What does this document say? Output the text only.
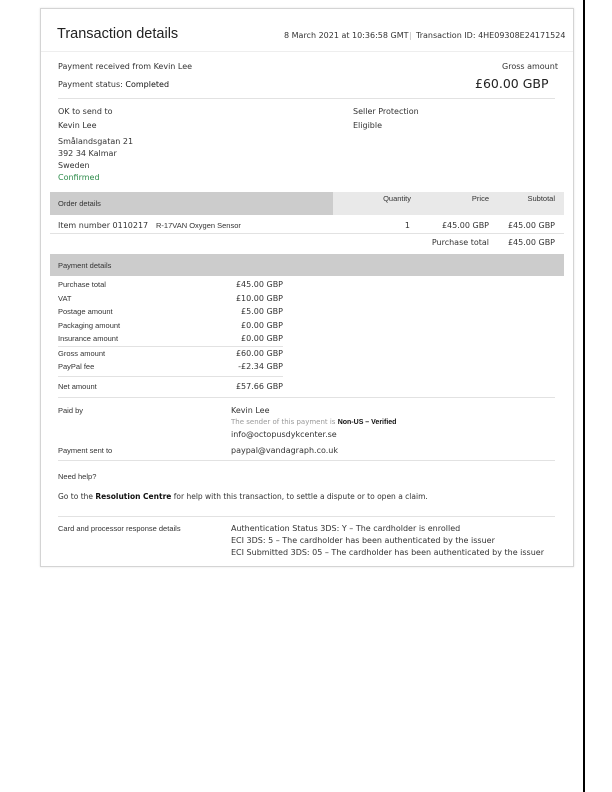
Transaction details	8 March 2021 at 10:36:58 GMT | Transaction ID: 4HE09308E24171524
Payment received from Kevin Lee
Payment status: Completed
Gross amount
£60.00 GBP
OK to send to
Kevin Lee
Smålandsgatan 21
392 34 Kalmar
Sweden
Confirmed
Seller Protection
Eligible
Order details
Quantity	Price	Subtotal
Item number 0110217 R-17VAN Oxygen Sensor	1	£45.00 GBP	£45.00 GBP
Purchase total	£45.00 GBP
Payment details
Purchase total	£45.00 GBP
VAT	£10.00 GBP
Postage amount	£5.00 GBP
Packaging amount	£0.00 GBP
Insurance amount	£0.00 GBP
Gross amount	£60.00 GBP
PayPal fee	-£2.34 GBP
Net amount	£57.66 GBP
Paid by	Kevin Lee
The sender of this payment is Non-US – Verified
info@octopusdykcenter.se
Payment sent to	paypal@vandagraph.co.uk
Need help?
Go to the Resolution Centre for help with this transaction, to settle a dispute or to open a claim.
Card and processor response details	Authentication Status 3DS: Y – The cardholder is enrolled
ECI 3DS: 5 – The cardholder has been authenticated by the issuer
ECI Submitted 3DS: 05 – The cardholder has been authenticated by the issuer
